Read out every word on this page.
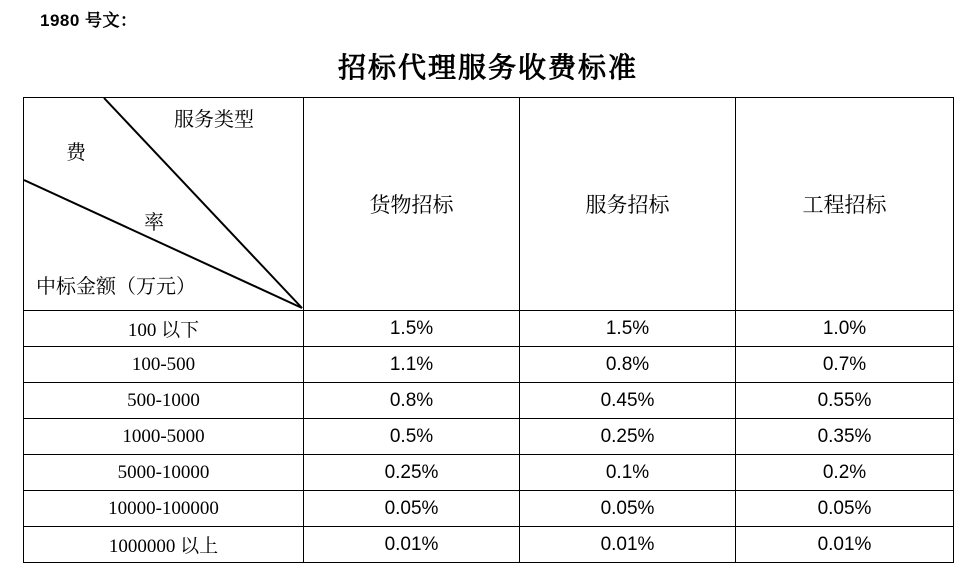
1980 号文：
招标代理服务收费标准
服务类型
费
率
中标金额（万元）	货物招标	服务招标	工程招标
100 以下	1.5%	1.5%	1.0%
100-500	1.1%	0.8%	0.7%
500-1000	0.8%	0.45%	0.55%
1000-5000	0.5%	0.25%	0.35%
5000-10000	0.25%	0.1%	0.2%
10000-100000	0.05%	0.05%	0.05%
1000000 以上	0.01%	0.01%	0.01%
